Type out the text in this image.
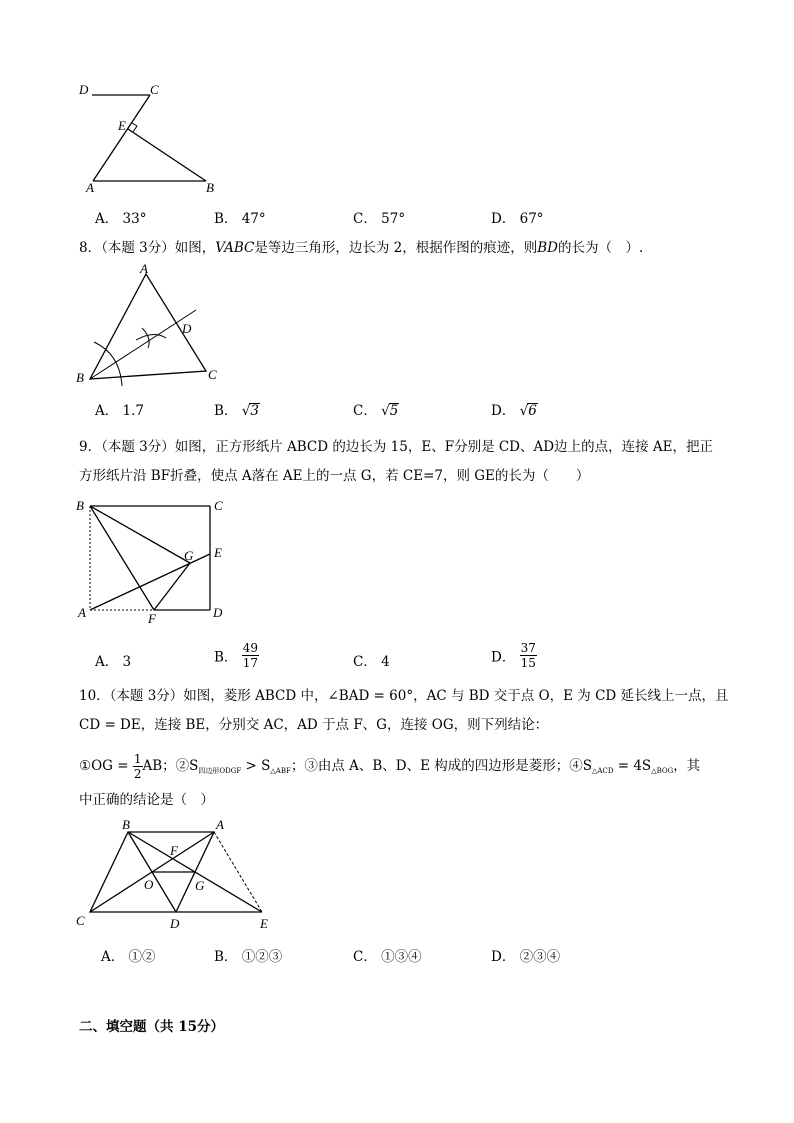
D	C
E
A	B
A． 33°	B． 47°	C． 57°	D． 67°
8．（本题 3分）如图，VABC是等边三角形，边长为 2，根据作图的痕迹，则BD的长为（　）.
A
D
B	C
A． 1.7	B． √3	C． √5	D． √6
9．（本题 3分）如图，正方形纸片 ABCD 的边长为 15，E、F分别是 CD、AD边上的点，连接 AE，把正
方形纸片沿 BF折叠，使点 A落在 AE上的一点 G，若 CE=7，则 GE的长为（　　）
B	C
G E
A	F	D
A． 3	B． $\frac{49}{17}$	C． 4	D． $\frac{37}{15}$
10．（本题 3分）如图，菱形 ABCD 中，∠BAD = 60°，AC 与 BD 交于点 O，E 为 CD 延长线上一点，且
CD = DE，连接 BE，分别交 AC，AD 于点 F、G，连接 OG，则下列结论：
①OG = $\frac{1}{2}$ AB；$②S_{四边形ODGF} > S_{\triangle ABF}$；③由点 A、B、D、E 构成的四边形是菱形；$④S_{\triangle ACD} = 4S_{\triangle BOG}$，其
中正确的结论是（　）
B	A
F
O	G
C	D	E
A． ①②	B． ①②③	C． ①③④	D． ②③④
二、填空题（共 15分）
